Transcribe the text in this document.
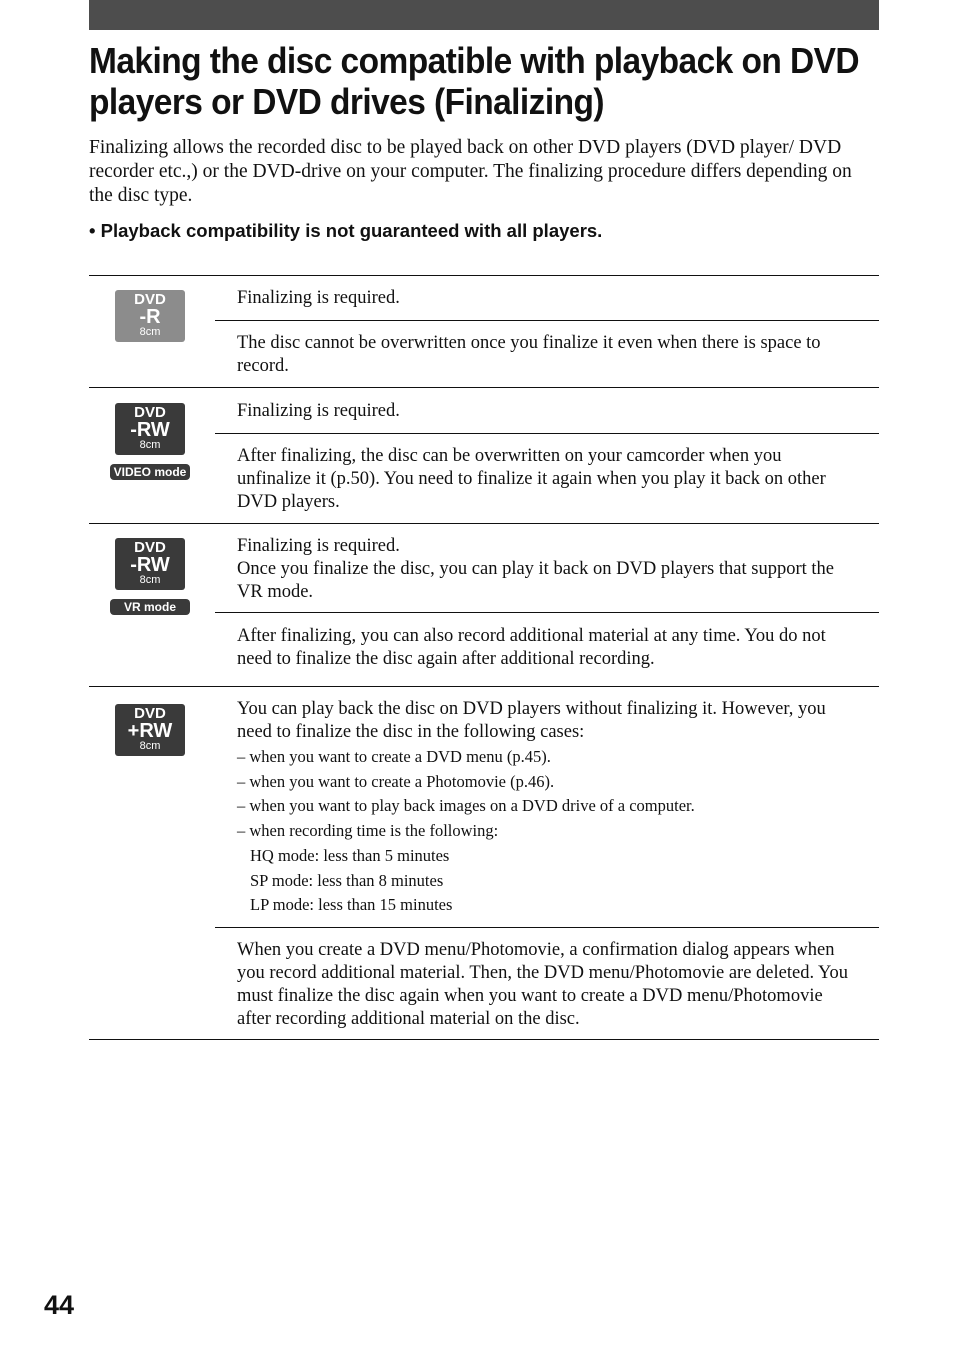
Making the disc compatible with playback on DVD players or DVD drives (Finalizing)

Finalizing allows the recorded disc to be played back on other DVD players (DVD player/ DVD recorder etc.,) or the DVD-drive on your computer. The finalizing procedure differs depending on the disc type.

• Playback compatibility is not guaranteed with all players.

DVD
-R
8cm

Finalizing is required.

The disc cannot be overwritten once you finalize it even when there is space to record.

DVD
-RW
8cm
VIDEO mode

Finalizing is required.

After finalizing, the disc can be overwritten on your camcorder when you unfinalize it (p.50). You need to finalize it again when you play it back on other DVD players.

DVD
-RW
8cm
VR mode

Finalizing is required.

Once you finalize the disc, you can play it back on DVD players that support the VR mode.

After finalizing, you can also record additional material at any time. You do not need to finalize the disc again after additional recording.

DVD
+RW
8cm

You can play back the disc on DVD players without finalizing it. However, you need to finalize the disc in the following cases:

– when you want to create a DVD menu (p.45).

– when you want to create a Photomovie (p.46).

– when you want to play back images on a DVD drive of a computer.

– when recording time is the following:

HQ mode: less than 5 minutes

SP mode: less than 8 minutes

LP mode: less than 15 minutes

When you create a DVD menu/Photomovie, a confirmation dialog appears when you record additional material. Then, the DVD menu/Photomovie are deleted. You must finalize the disc again when you want to create a DVD menu/Photomovie after recording additional material on the disc.

44
